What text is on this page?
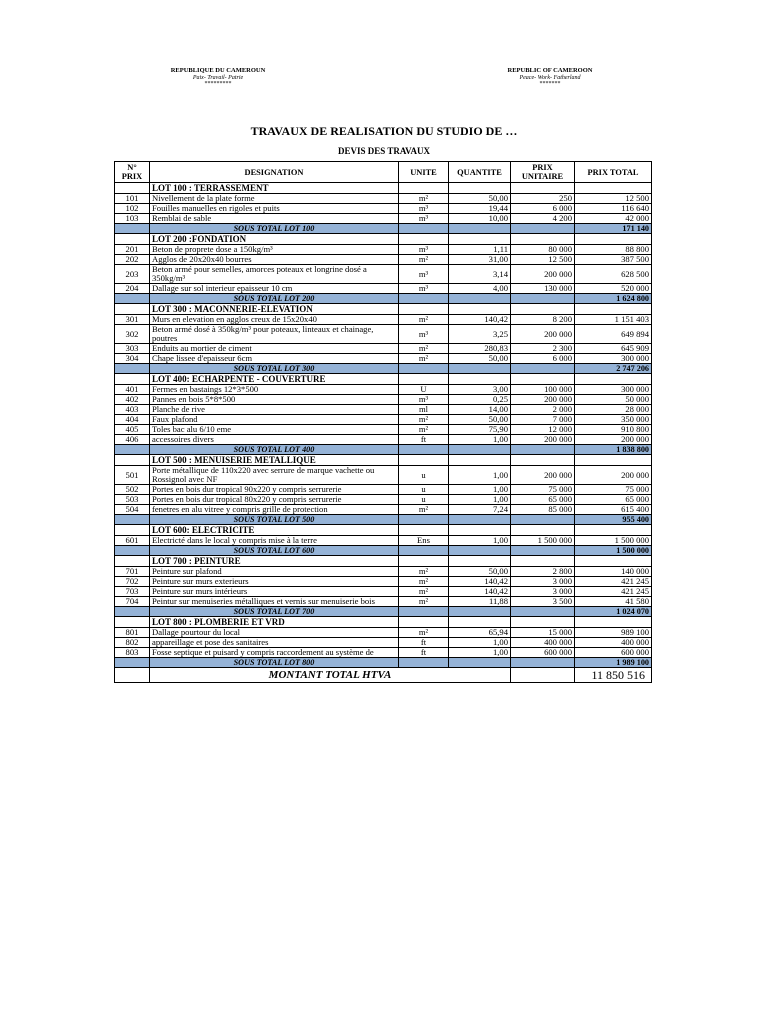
REPUBLIQUE DU CAMEROUN
Paix- Travail- Patrie
*********
REPUBLIC OF CAMEROON
Peace- Work- Fatherland
*******
TRAVAUX DE REALISATION DU STUDIO DE …
DEVIS DES TRAVAUX
N° PRIX	DESIGNATION	UNITE	QUANTITE	PRIX UNITAIRE	PRIX TOTAL
	LOT 100 : TERRASSEMENT				
101	Nivellement de la plate forme	m²	50,00	250	12 500
102	Fouilles manuelles en rigoles et puits	m³	19,44	6 000	116 640
103	Remblai de sable	m³	10,00	4 200	42 000
	SOUS TOTAL LOT 100				171 140
	LOT 200 :FONDATION				
201	Beton de proprete dose a 150kg/m³	m³	1,11	80 000	88 800
202	Agglos de 20x20x40 bourres	m²	31,00	12 500	387 500
203	Beton armé pour semelles, amorces poteaux et longrine dosé a 350kg/m³	m³	3,14	200 000	628 500
204	Dallage sur sol interieur epaisseur 10 cm	m³	4,00	130 000	520 000
	SOUS TOTAL LOT 200				1 624 800
	LOT 300 : MACONNERIE-ELEVATION				
301	Murs en elevation en agglos creux de 15x20x40	m²	140,42	8 200	1 151 403
302	Beton armé dosé à 350kg/m³ pour poteaux, linteaux et chainage, poutres	m³	3,25	200 000	649 894
303	Enduits au mortier de ciment	m²	280,83	2 300	645 909
304	Chape lissee d'epaisseur 6cm	m²	50,00	6 000	300 000
	SOUS TOTAL LOT 300				2 747 206
	LOT 400: ECHARPENTE - COUVERTURE				
401	Fermes en bastaings 12*3*500	U	3,00	100 000	300 000
402	Pannes en bois 5*8*500	m³	0,25	200 000	50 000
403	Planche de rive	ml	14,00	2 000	28 000
404	Faux plafond	m²	50,00	7 000	350 000
405	Toles bac alu 6/10 eme	m²	75,90	12 000	910 800
406	accessoires divers	ft	1,00	200 000	200 000
	SOUS TOTAL LOT 400				1 838 800
	LOT 500 : MENUISERIE METALLIQUE				
501	Porte métallique de 110x220 avec serrure de marque vachette ou Rossignol avec NF	u	1,00	200 000	200 000
502	Portes en bois dur tropical 90x220 y compris serrurerie	u	1,00	75 000	75 000
503	Portes en bois dur tropical 80x220 y compris serrurerie	u	1,00	65 000	65 000
504	fenetres en alu vitree y compris grille de protection	m²	7,24	85 000	615 400
	SOUS TOTAL LOT 500				955 400
	LOT 600: ELECTRICITE				
601	Electricté dans le local y compris mise à la terre	Ens	1,00	1 500 000	1 500 000
	SOUS TOTAL LOT 600				1 500 000
	LOT 700 : PEINTURE				
701	Peinture sur plafond	m²	50,00	2 800	140 000
702	Peinture sur murs exterieurs	m²	140,42	3 000	421 245
703	Peinture sur murs intérieurs	m²	140,42	3 000	421 245
704	Peintur sur menuiseries métalliques et vernis sur menuiserie bois	m²	11,88	3 500	41 580
	SOUS TOTAL LOT 700				1 024 070
	LOT 800 : PLOMBERIE ET VRD				
801	Dallage pourtour du local	m²	65,94	15 000	989 100
802	appareillage et pose des sanitaires	ft	1,00	400 000	400 000
803	Fosse septique et puisard y compris raccordement au système de	ft	1,00	600 000	600 000
	SOUS TOTAL LOT 800				1 989 100
	MONTANT TOTAL HTVA				11 850 516
